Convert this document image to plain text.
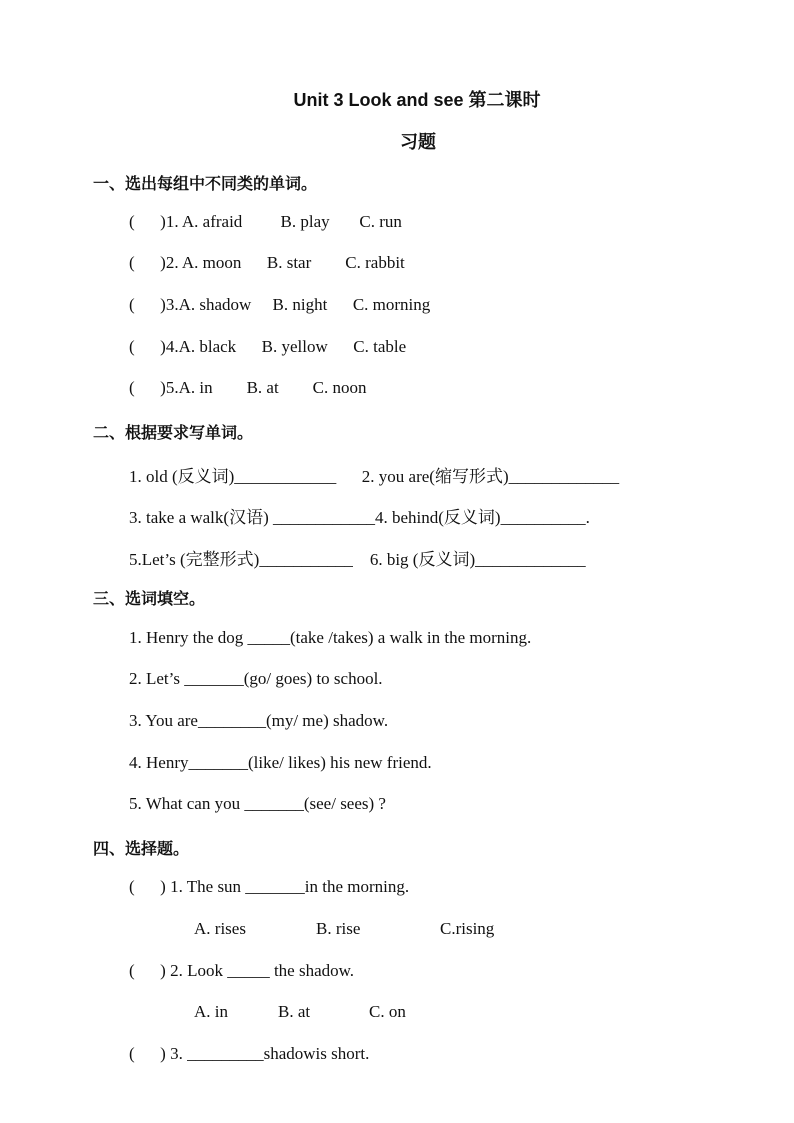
Unit 3 Look and see 第二课时
习题
一、选出每组中不同类的单词。
(      )1. A. afraid         B. play       C. run
(      )2. A. moon      B. star        C. rabbit
(      )3.A. shadow     B. night      C. morning
(      )4.A. black      B. yellow      C. table
(      )5.A. in        B. at        C. noon
二、根据要求写单词。
1. old (反义词)____________      2. you are(缩写形式)_____________
3. take a walk(汉语) ____________4. behind(反义词)__________.
5.Let’s (完整形式)___________    6. big (反义词)_____________
三、选词填空。
1. Henry the dog _____(take /takes) a walk in the morning.
2. Let’s _______(go/ goes) to school.
3. You are________(my/ me) shadow.
4. Henry_______(like/ likes) his new friend.
5. What can you _______(see/ sees) ?
四、选择题。
(      ) 1. The sun _______in the morning.
A. rises	B. rise	C.rising
(      ) 2. Look _____ the shadow.
A. in	B. at	C. on
(      ) 3. _________shadowis short.
